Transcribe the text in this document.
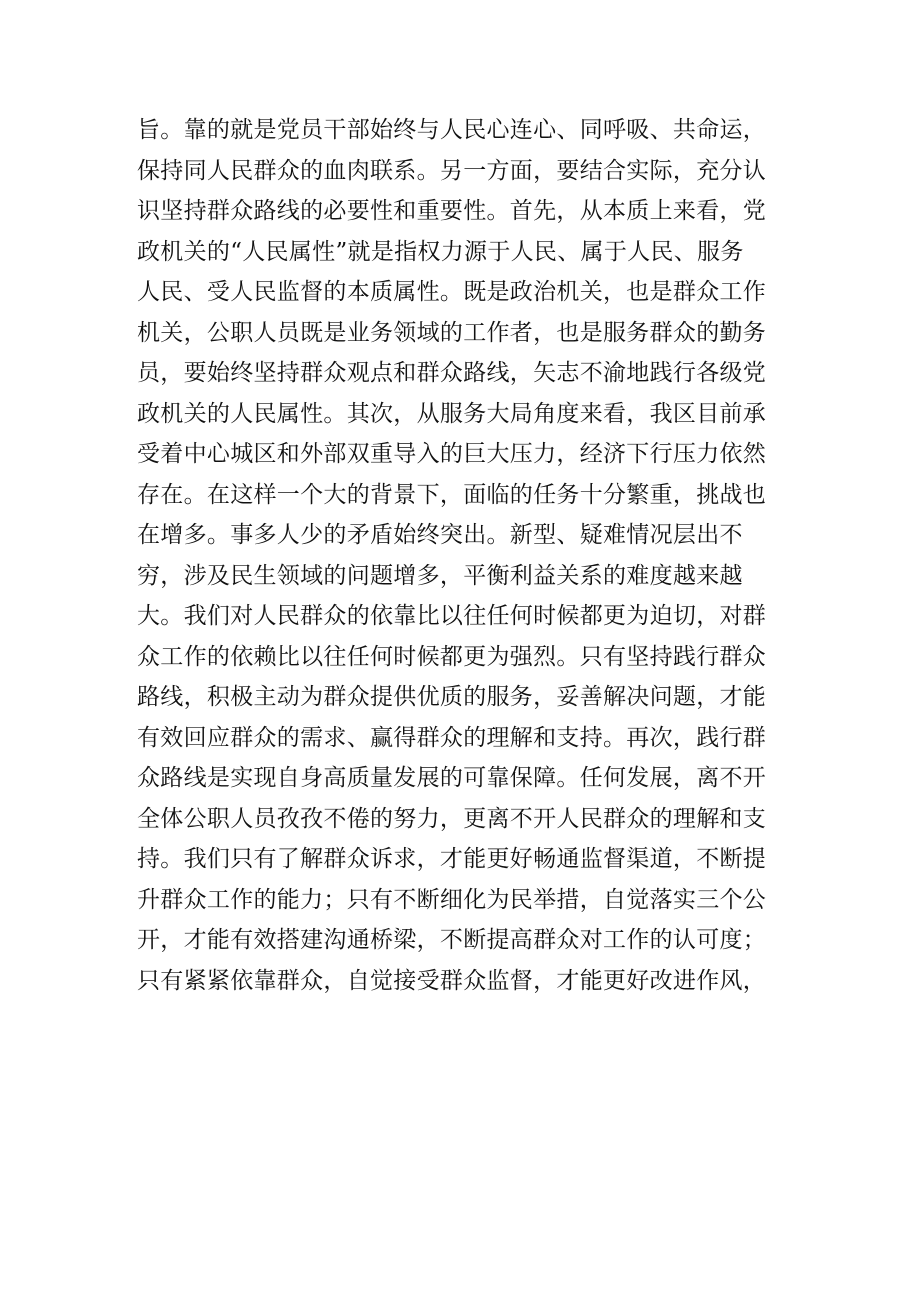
旨。靠的就是党员干部始终与人民心连心、同呼吸、共命运，
保持同人民群众的血肉联系。另一方面，要结合实际，充分认
识坚持群众路线的必要性和重要性。首先，从本质上来看，党
政机关的“人民属性”就是指权力源于人民、属于人民、服务
人民、受人民监督的本质属性。既是政治机关，也是群众工作
机关，公职人员既是业务领域的工作者，也是服务群众的勤务
员，要始终坚持群众观点和群众路线，矢志不渝地践行各级党
政机关的人民属性。其次，从服务大局角度来看，我区目前承
受着中心城区和外部双重导入的巨大压力，经济下行压力依然
存在。在这样一个大的背景下，面临的任务十分繁重，挑战也
在增多。事多人少的矛盾始终突出。新型、疑难情况层出不
穷，涉及民生领域的问题增多，平衡利益关系的难度越来越
大。我们对人民群众的依靠比以往任何时候都更为迫切，对群
众工作的依赖比以往任何时候都更为强烈。只有坚持践行群众
路线，积极主动为群众提供优质的服务，妥善解决问题，才能
有效回应群众的需求、赢得群众的理解和支持。再次，践行群
众路线是实现自身高质量发展的可靠保障。任何发展，离不开
全体公职人员孜孜不倦的努力，更离不开人民群众的理解和支
持。我们只有了解群众诉求，才能更好畅通监督渠道，不断提
升群众工作的能力；只有不断细化为民举措，自觉落实三个公
开，才能有效搭建沟通桥梁，不断提高群众对工作的认可度；
只有紧紧依靠群众，自觉接受群众监督，才能更好改进作风，
